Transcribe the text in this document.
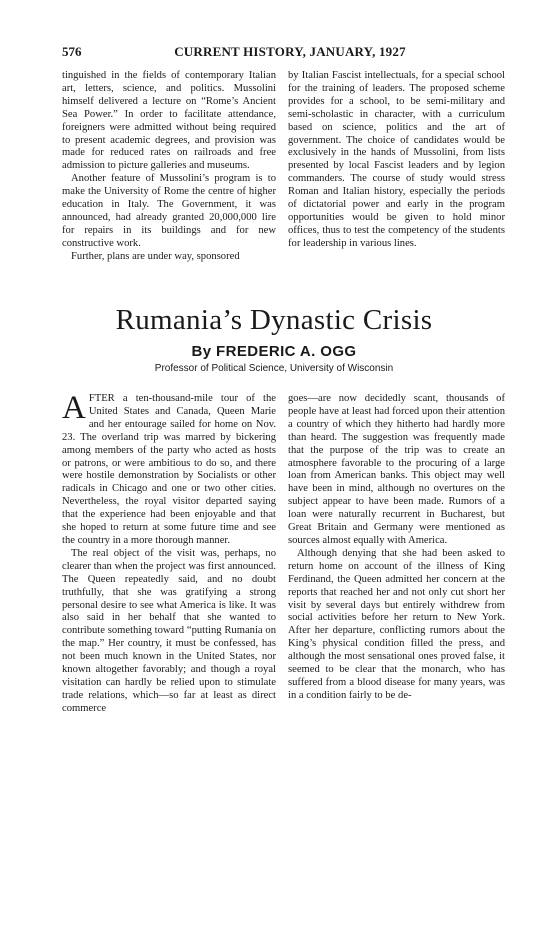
576	CURRENT HISTORY, JANUARY, 1927

tinguished in the fields of contemporary Italian art, letters, science, and politics. Mussolini himself delivered a lecture on “Rome’s Ancient Sea Power.” In order to facilitate attendance, foreigners were admitted without being required to present academic degrees, and provision was made for reduced rates on railroads and free admission to picture galleries and museums.

Another feature of Mussolini’s program is to make the University of Rome the centre of higher education in Italy. The Government, it was announced, had already granted 20,000,000 lire for repairs in its buildings and for new constructive work.

Further, plans are under way, sponsored

by Italian Fascist intellectuals, for a special school for the training of leaders. The proposed scheme provides for a school, to be semi-military and semi-scholastic in character, with a curriculum based on science, politics and the art of government. The choice of candidates would be exclusively in the hands of Mussolini, from lists presented by local Fascist leaders and by legion commanders. The course of study would stress Roman and Italian history, especially the periods of dictatorial power and early in the program opportunities would be given to hold minor offices, thus to test the competency of the students for leadership in various lines.

Rumania’s Dynastic Crisis
By FREDERIC A. OGG
Professor of Political Science, University of Wisconsin

AFTER a ten-thousand-mile tour of the United States and Canada, Queen Marie and her entourage sailed for home on Nov. 23. The overland trip was marred by bickering among members of the party who acted as hosts or patrons, or were ambitious to do so, and there were hostile demonstration by Socialists or other radicals in Chicago and one or two other cities. Nevertheless, the royal visitor departed saying that the experience had been enjoyable and that she hoped to return at some future time and see the country in a more thorough manner.

The real object of the visit was, perhaps, no clearer than when the project was first announced. The Queen repeatedly said, and no doubt truthfully, that she was gratifying a strong personal desire to see what America is like. It was also said in her behalf that she wanted to contribute something toward “putting Rumania on the map.” Her country, it must be confessed, has not been much known in the United States, nor known altogether favorably; and though a royal visitation can hardly be relied upon to stimulate trade relations, which—so far at least as direct commerce

goes—are now decidedly scant, thousands of people have at least had forced upon their attention a country of which they hitherto had hardly more than heard. The suggestion was frequently made that the purpose of the trip was to create an atmosphere favorable to the procuring of a large loan from American banks. This object may well have been in mind, although no overtures on the subject appear to have been made. Rumors of a loan were naturally recurrent in Bucharest, but Great Britain and Germany were mentioned as sources almost equally with America.

Although denying that she had been asked to return home on account of the illness of King Ferdinand, the Queen admitted her concern at the reports that reached her and not only cut short her visit by several days but entirely withdrew from social activities before her return to New York. After her departure, conflicting rumors about the King’s physical condition filled the press, and although the most sensational ones proved false, it seemed to be clear that the monarch, who has suffered from a blood disease for many years, was in a condition fairly to be de-
